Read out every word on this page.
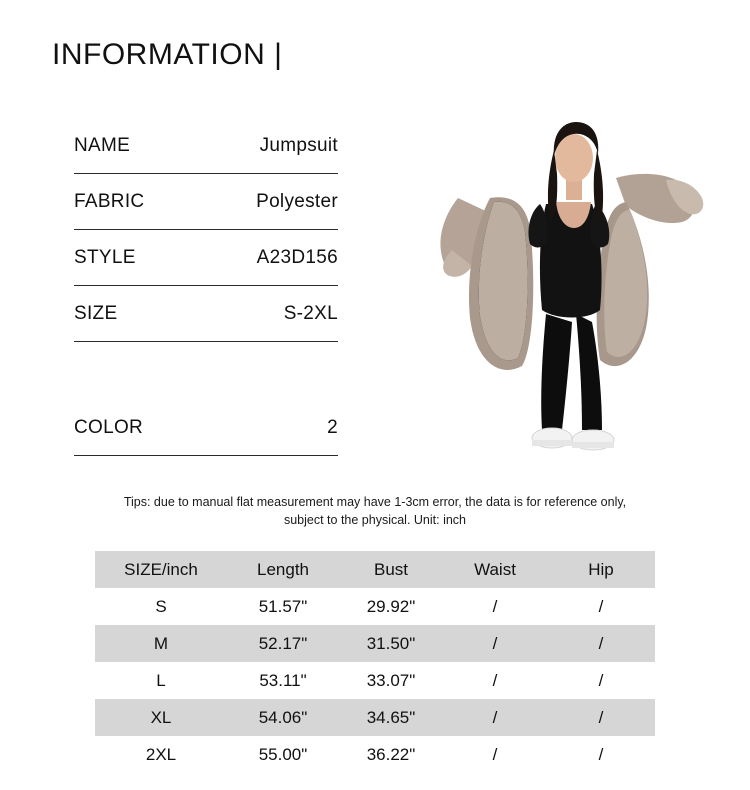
INFORMATION |
NAME	Jumpsuit
FABRIC	Polyester
STYLE	A23D156
SIZE	S-2XL
COLOR	2
Tips: due to manual flat measurement may have 1-3cm error, the data is for reference only,
subject to the physical. Unit: inch
SIZE/inch	Length	Bust	Waist	Hip
S	51.57"	29.92"	/	/
M	52.17"	31.50"	/	/
L	53.11"	33.07"	/	/
XL	54.06"	34.65"	/	/
2XL	55.00"	36.22"	/	/
